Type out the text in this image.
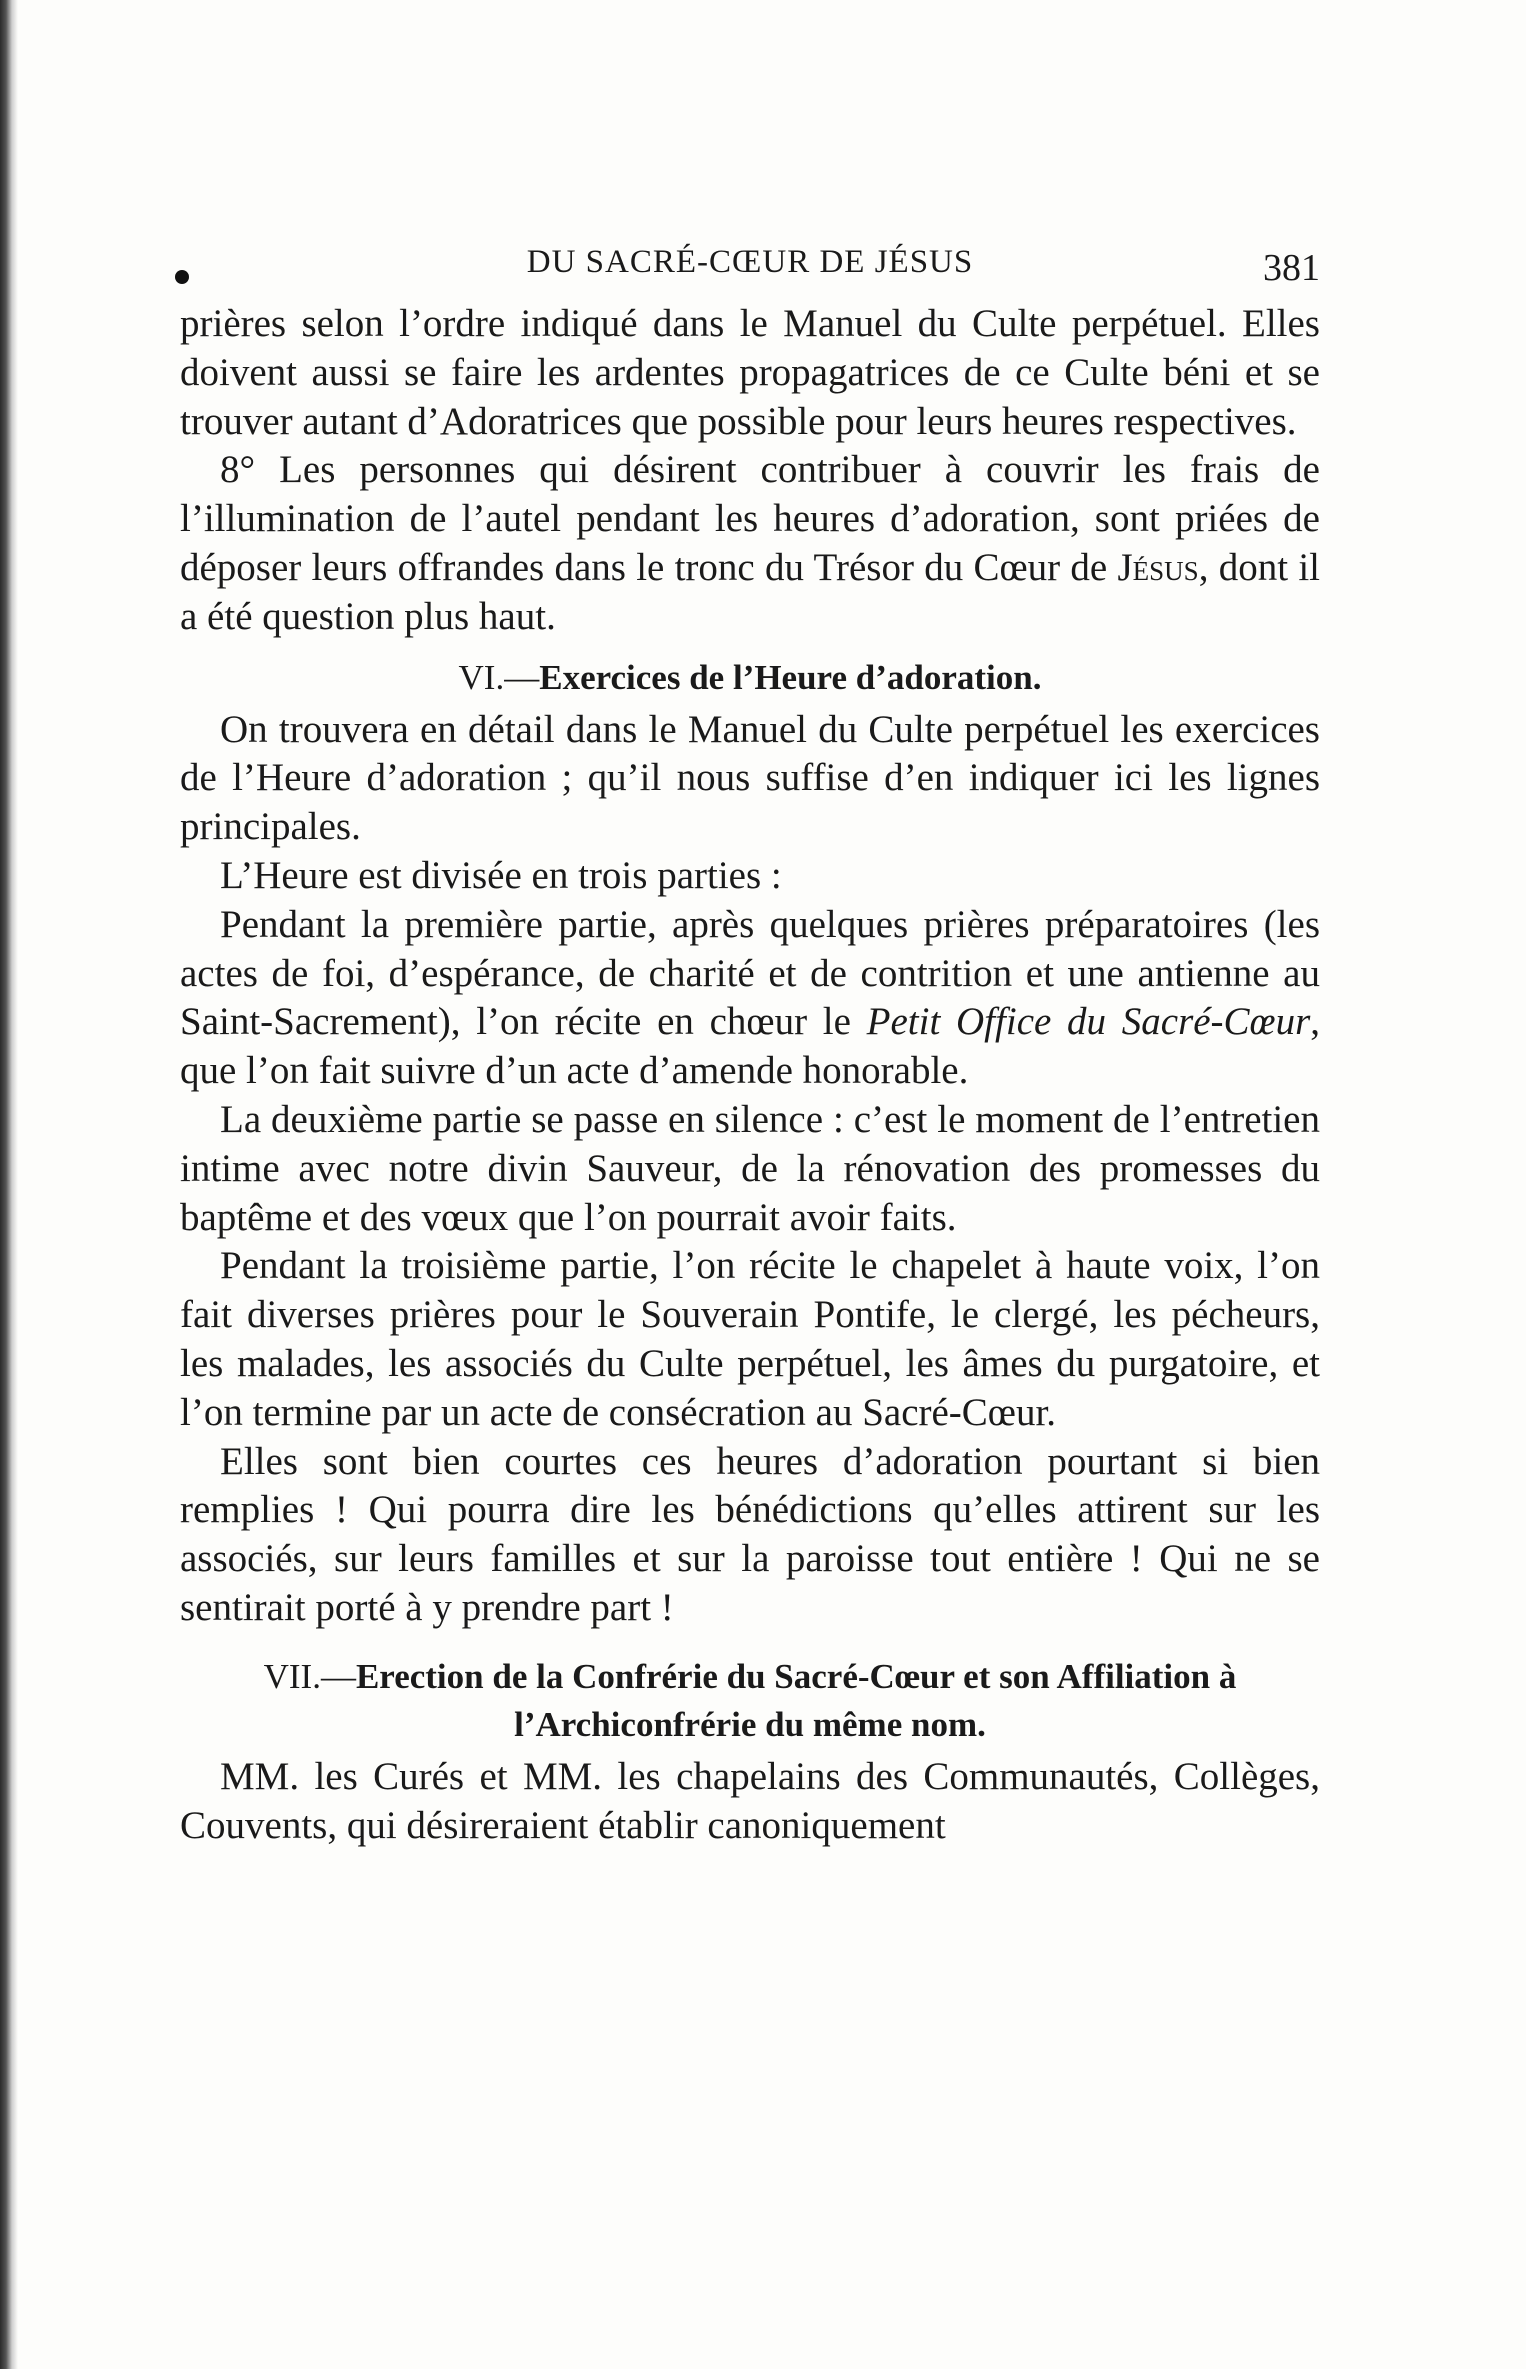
DU SACRÉ-CŒUR DE JÉSUS	381

prières selon l’ordre indiqué dans le Manuel du Culte perpétuel. Elles doivent aussi se faire les ardentes propagatrices de ce Culte béni et se trouver autant d’Adoratrices que possible pour leurs heures respectives.

8° Les personnes qui désirent contribuer à couvrir les frais de l’illumination de l’autel pendant les heures d’adoration, sont priées de déposer leurs offrandes dans le tronc du Trésor du Cœur de Jésus, dont il a été question plus haut.

VI.—Exercices de l’Heure d’adoration.

On trouvera en détail dans le Manuel du Culte perpétuel les exercices de l’Heure d’adoration ; qu’il nous suffise d’en indiquer ici les lignes principales.

L’Heure est divisée en trois parties :

Pendant la première partie, après quelques prières préparatoires (les actes de foi, d’espérance, de charité et de contrition et une antienne au Saint-Sacrement), l’on récite en chœur le Petit Office du Sacré-Cœur, que l’on fait suivre d’un acte d’amende honorable.

La deuxième partie se passe en silence : c’est le moment de l’entretien intime avec notre divin Sauveur, de la rénovation des promesses du baptême et des vœux que l’on pourrait avoir faits.

Pendant la troisième partie, l’on récite le chapelet à haute voix, l’on fait diverses prières pour le Souverain Pontife, le clergé, les pécheurs, les malades, les associés du Culte perpétuel, les âmes du purgatoire, et l’on termine par un acte de consécration au Sacré-Cœur.

Elles sont bien courtes ces heures d’adoration pourtant si bien remplies ! Qui pourra dire les bénédictions qu’elles attirent sur les associés, sur leurs familles et sur la paroisse tout entière ! Qui ne se sentirait porté à y prendre part !

VII.—Erection de la Confrérie du Sacré-Cœur et son Affiliation à l’Archiconfrérie du même nom.

MM. les Curés et MM. les chapelains des Communautés, Collèges, Couvents, qui désireraient établir canoniquement
